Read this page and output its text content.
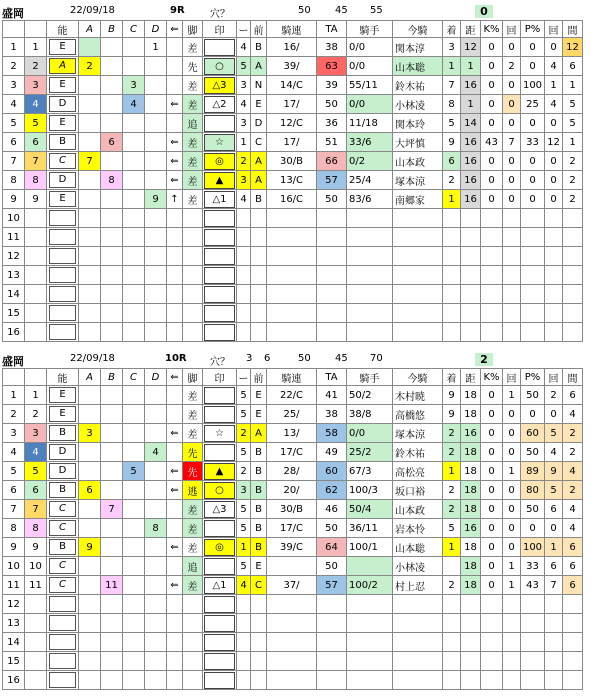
盛岡	22/09/18	9R	穴？	50 45 55	0
		能	A	B	C	D	⇐	脚	印	ー	前	騎連	TA	騎手	今騎	着	距	K%	回	P%	回	間
1	1	E				1		差		4	B	16/	38	0/0	関本淳	3	12	0	0	0	0	12
2	2	A	2					先	○	5	A	39/	63	0/0	山本聡	1	1	0	2	0	4	6
3	3	E			3			差	△3	3	N	14/C	39	55/11	鈴木祐	7	16	0	0	100	1	1
4	4	D			4		⇐	差	△2	4	E	17/	50	0/0	小林凌	8	1	0	0	25	4	5
5	5	E						追		3	D	12/C	36	11/18	関本玲	5	14	0	0	0	0	5
6	6	B		6			⇐	差	☆	1	C	17/	51	33/6	大坪慎	9	16	43	7	33	12	1
7	7	C	7				⇐	差	◎	2	A	30/B	66	0/2	山本政	6	16	0	0	0	0	2
8	8	D		8			⇐	差	▲	3	A	13/C	57	25/4	塚本涼	2	16	0	0	0	0	2
9	9	E				9	↑	差	△1	4	B	16/C	50	83/6	南郷家	1	16	0	0	0	0	2
10		

11		

12		

13		

14		

15		

16		

盛岡	22/09/18	10R 穴？ 3 6	50 45 70	2
		能	A	B	C	D	⇐	脚	印	ー	前	騎連	TA	騎手	今騎	着	距	K%	回	P%	回	間
1	1	E						差		5	E	22/C	41	50/2	木村暁	9	18	0	1	50	2	6
2	2	E						差		5	E	25/	38	38/8	高橋悠	9	18	0	0	0	0	4
3	3	B	3				⇐	差	☆	2	A	13/	58	0/0	塚本涼	2	16	0	0	60	5	2
4	4	D				4		先		5	B	17/C	49	25/2	鈴木祐	2	18	0	0	50	4	2
5	5	D			5		⇐	先	▲	2	B	28/	60	67/3	高松亮	1	18	0	1	89	9	4
6	6	B	6				⇐	逃	○	3	B	20/	62	100/3	坂口裕	2	18	0	0	80	5	2
7	7	C		7				差	△3	5	B	30/B	46	50/4	山本政	2	18	0	0	50	6	4
8	8	C				8		差		5	B	17/C	50	36/11	岩本怜	5	16	0	0	0	0	4
9	9	B	9				⇐	差	◎	1	B	39/C	64	100/1	山本聡	1	18	0	0	100	1	6
10	10	C						追		5	E		50		小林凌		18	0	1	33	6	6
11	11	C		11			⇐	差	△1	4	C	37/	57	100/2	村上忍	2	18	0	1	43	7	6
12		

13		

14		

15		

16		
